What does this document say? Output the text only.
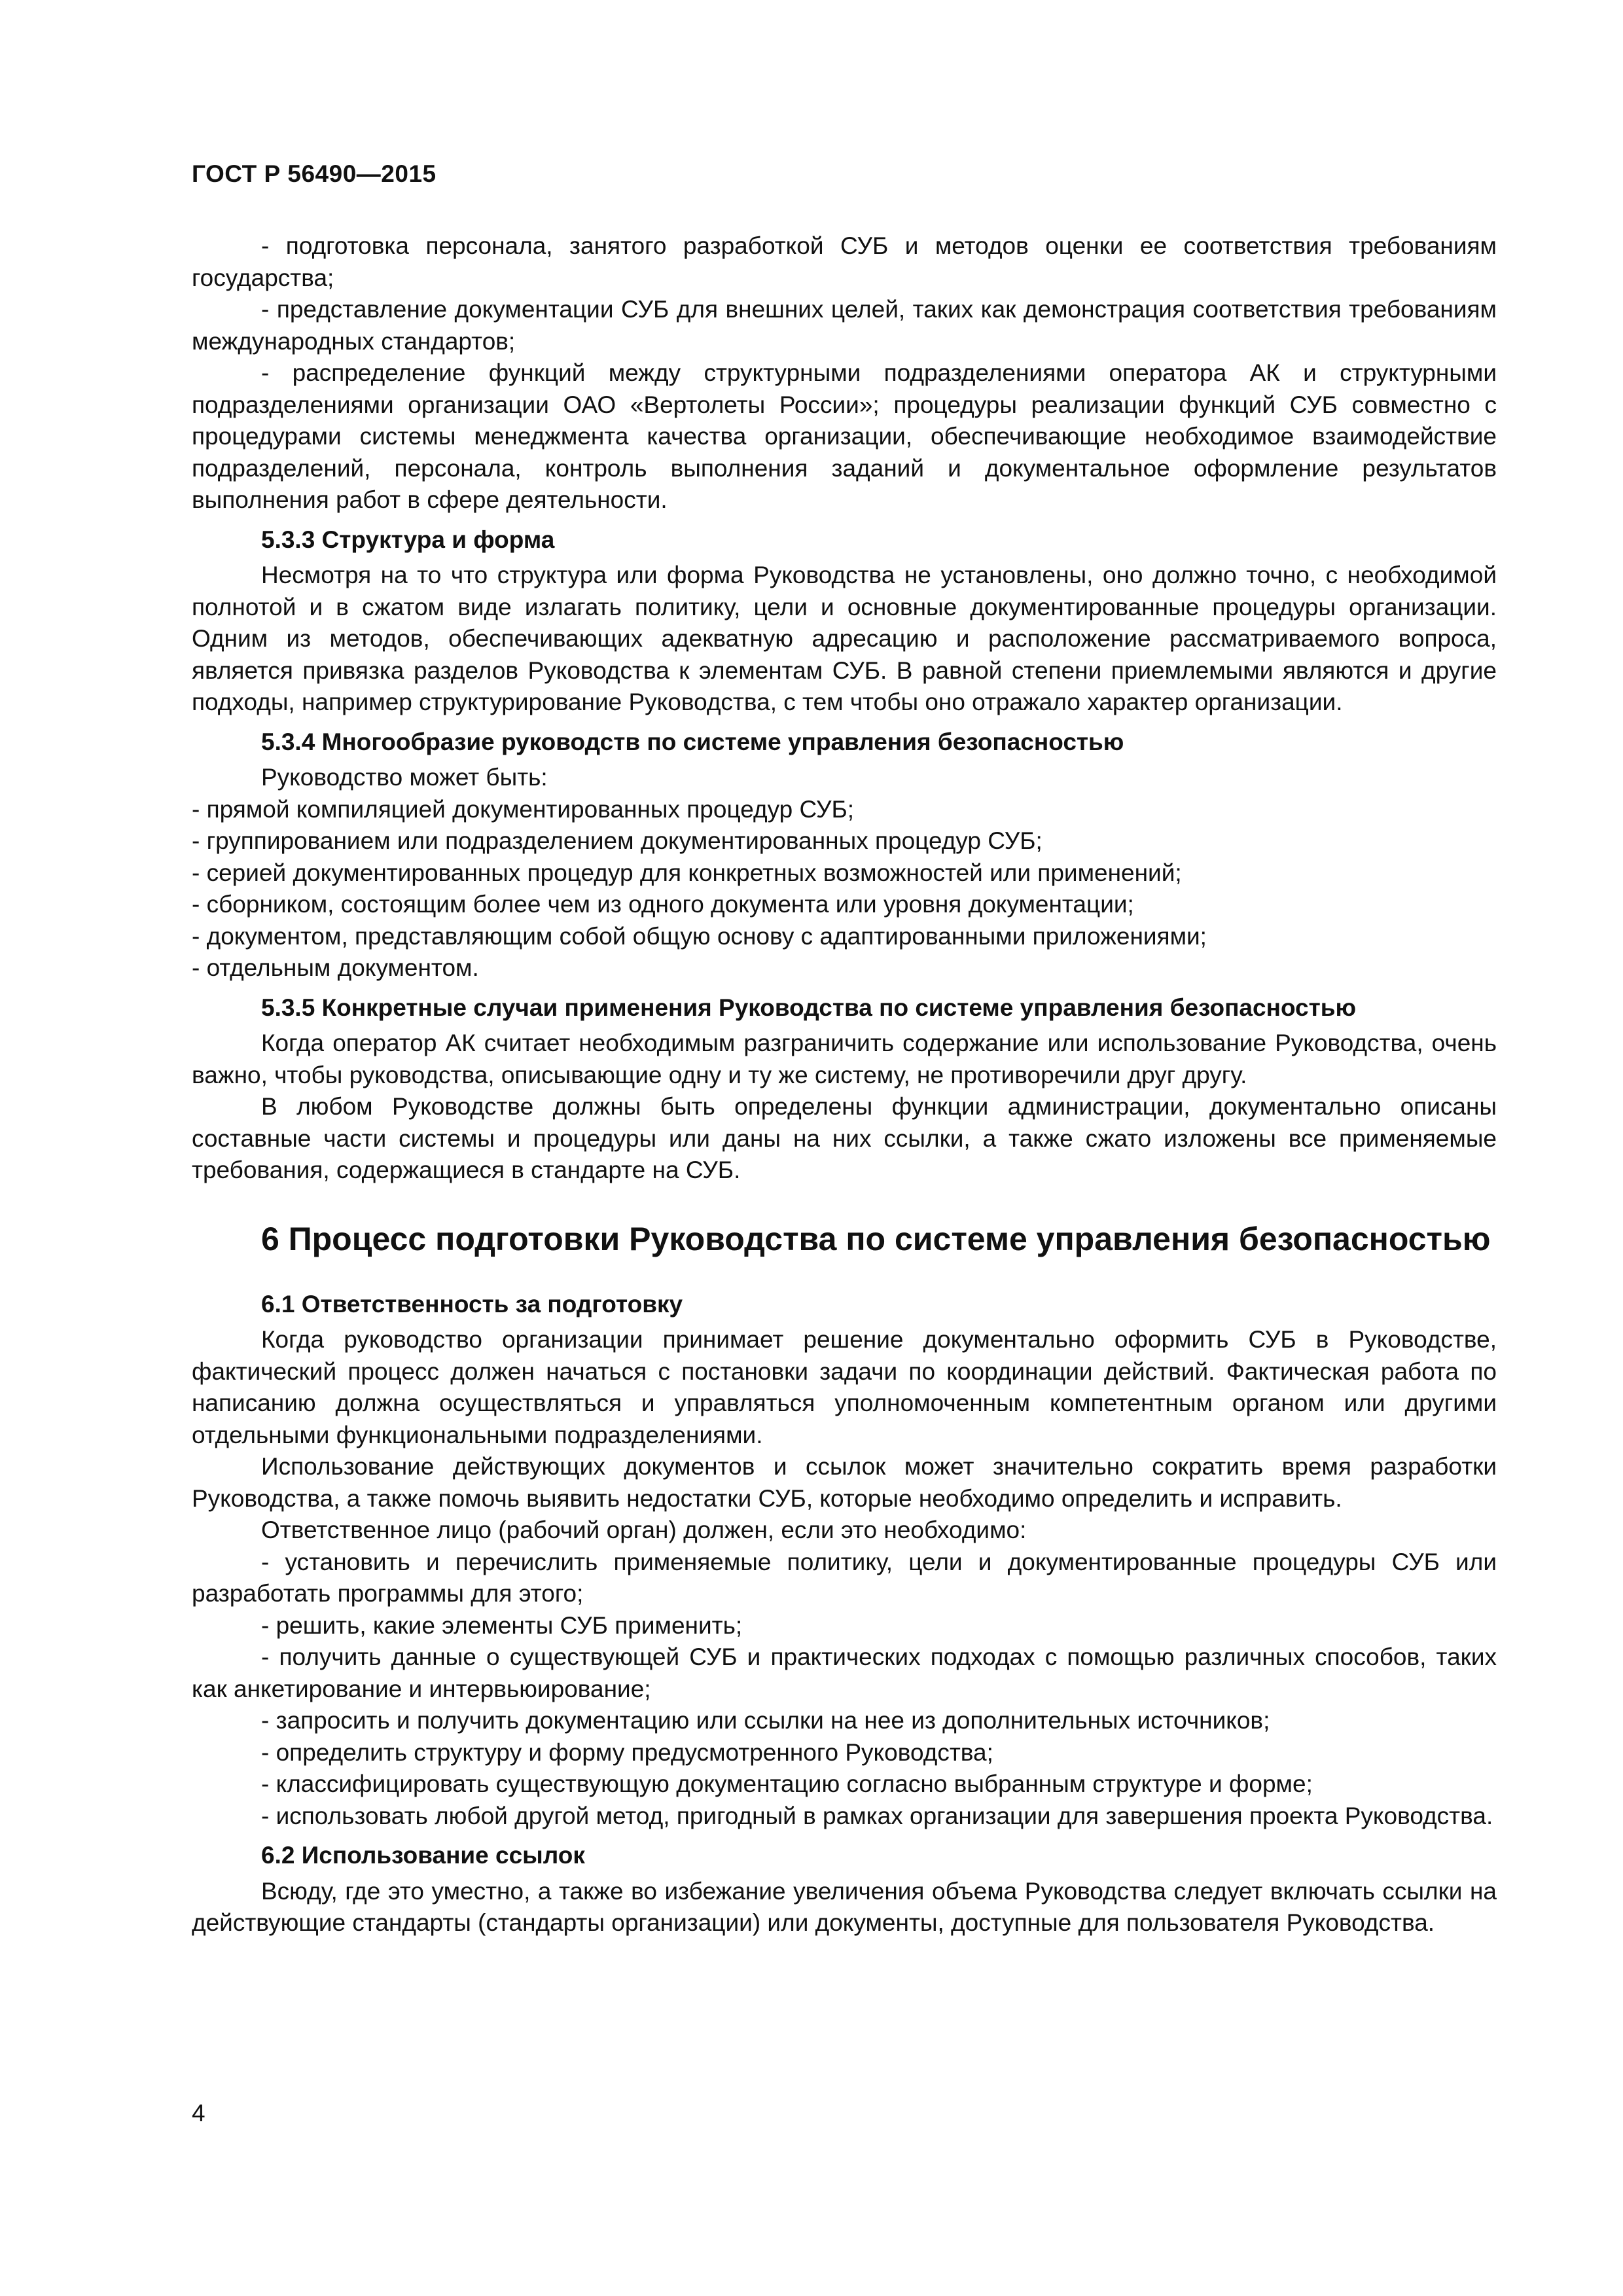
ГОСТ Р 56490—2015

- подготовка персонала, занятого разработкой СУБ и методов оценки ее соответствия требованиям государства;

- представление документации СУБ для внешних целей, таких как демонстрация соответствия требованиям международных стандартов;

- распределение функций между структурными подразделениями оператора АК и структурными подразделениями организации ОАО «Вертолеты России»; процедуры реализации функций СУБ совместно с процедурами системы менеджмента качества организации, обеспечивающие необходимое взаимодействие подразделений, персонала, контроль выполнения заданий и документальное оформление результатов выполнения работ в сфере деятельности.

5.3.3 Структура и форма

Несмотря на то что структура или форма Руководства не установлены, оно должно точно, с необходимой полнотой и в сжатом виде излагать политику, цели и основные документированные процедуры организации. Одним из методов, обеспечивающих адекватную адресацию и расположение рассматриваемого вопроса, является привязка разделов Руководства к элементам СУБ. В равной степени приемлемыми являются и другие подходы, например структурирование Руководства, с тем чтобы оно отражало характер организации.

5.3.4 Многообразие руководств по системе управления безопасностью

Руководство может быть:

- прямой компиляцией документированных процедур СУБ;

- группированием или подразделением документированных процедур СУБ;

- серией документированных процедур для конкретных возможностей или применений;

- сборником, состоящим более чем из одного документа или уровня документации;

- документом, представляющим собой общую основу с адаптированными приложениями;

- отдельным документом.

5.3.5 Конкретные случаи применения Руководства по системе управления безопасностью

Когда оператор АК считает необходимым разграничить содержание или использование Руководства, очень важно, чтобы руководства, описывающие одну и ту же систему, не противоречили друг другу.

В любом Руководстве должны быть определены функции администрации, документально описаны составные части системы и процедуры или даны на них ссылки, а также сжато изложены все применяемые требования, содержащиеся в стандарте на СУБ.

6 Процесс подготовки Руководства по системе управления безопасностью
6.1 Ответственность за подготовку

Когда руководство организации принимает решение документально оформить СУБ в Руководстве, фактический процесс должен начаться с постановки задачи по координации действий. Фактическая работа по написанию должна осуществляться и управляться уполномоченным компетентным органом или другими отдельными функциональными подразделениями.

Использование действующих документов и ссылок может значительно сократить время разработки Руководства, а также помочь выявить недостатки СУБ, которые необходимо определить и исправить.

Ответственное лицо (рабочий орган) должен, если это необходимо:

- установить и перечислить применяемые политику, цели и документированные процедуры СУБ или разработать программы для этого;

- решить, какие элементы СУБ применить;

- получить данные о существующей СУБ и практических подходах с помощью различных способов, таких как анкетирование и интервьюирование;

- запросить и получить документацию или ссылки на нее из дополнительных источников;

- определить структуру и форму предусмотренного Руководства;

- классифицировать существующую документацию согласно выбранным структуре и форме;

- использовать любой другой метод, пригодный в рамках организации для завершения проекта Руководства.

6.2 Использование ссылок

Всюду, где это уместно, а также во избежание увеличения объема Руководства следует включать ссылки на действующие стандарты (стандарты организации) или документы, доступные для пользователя Руководства.

4
